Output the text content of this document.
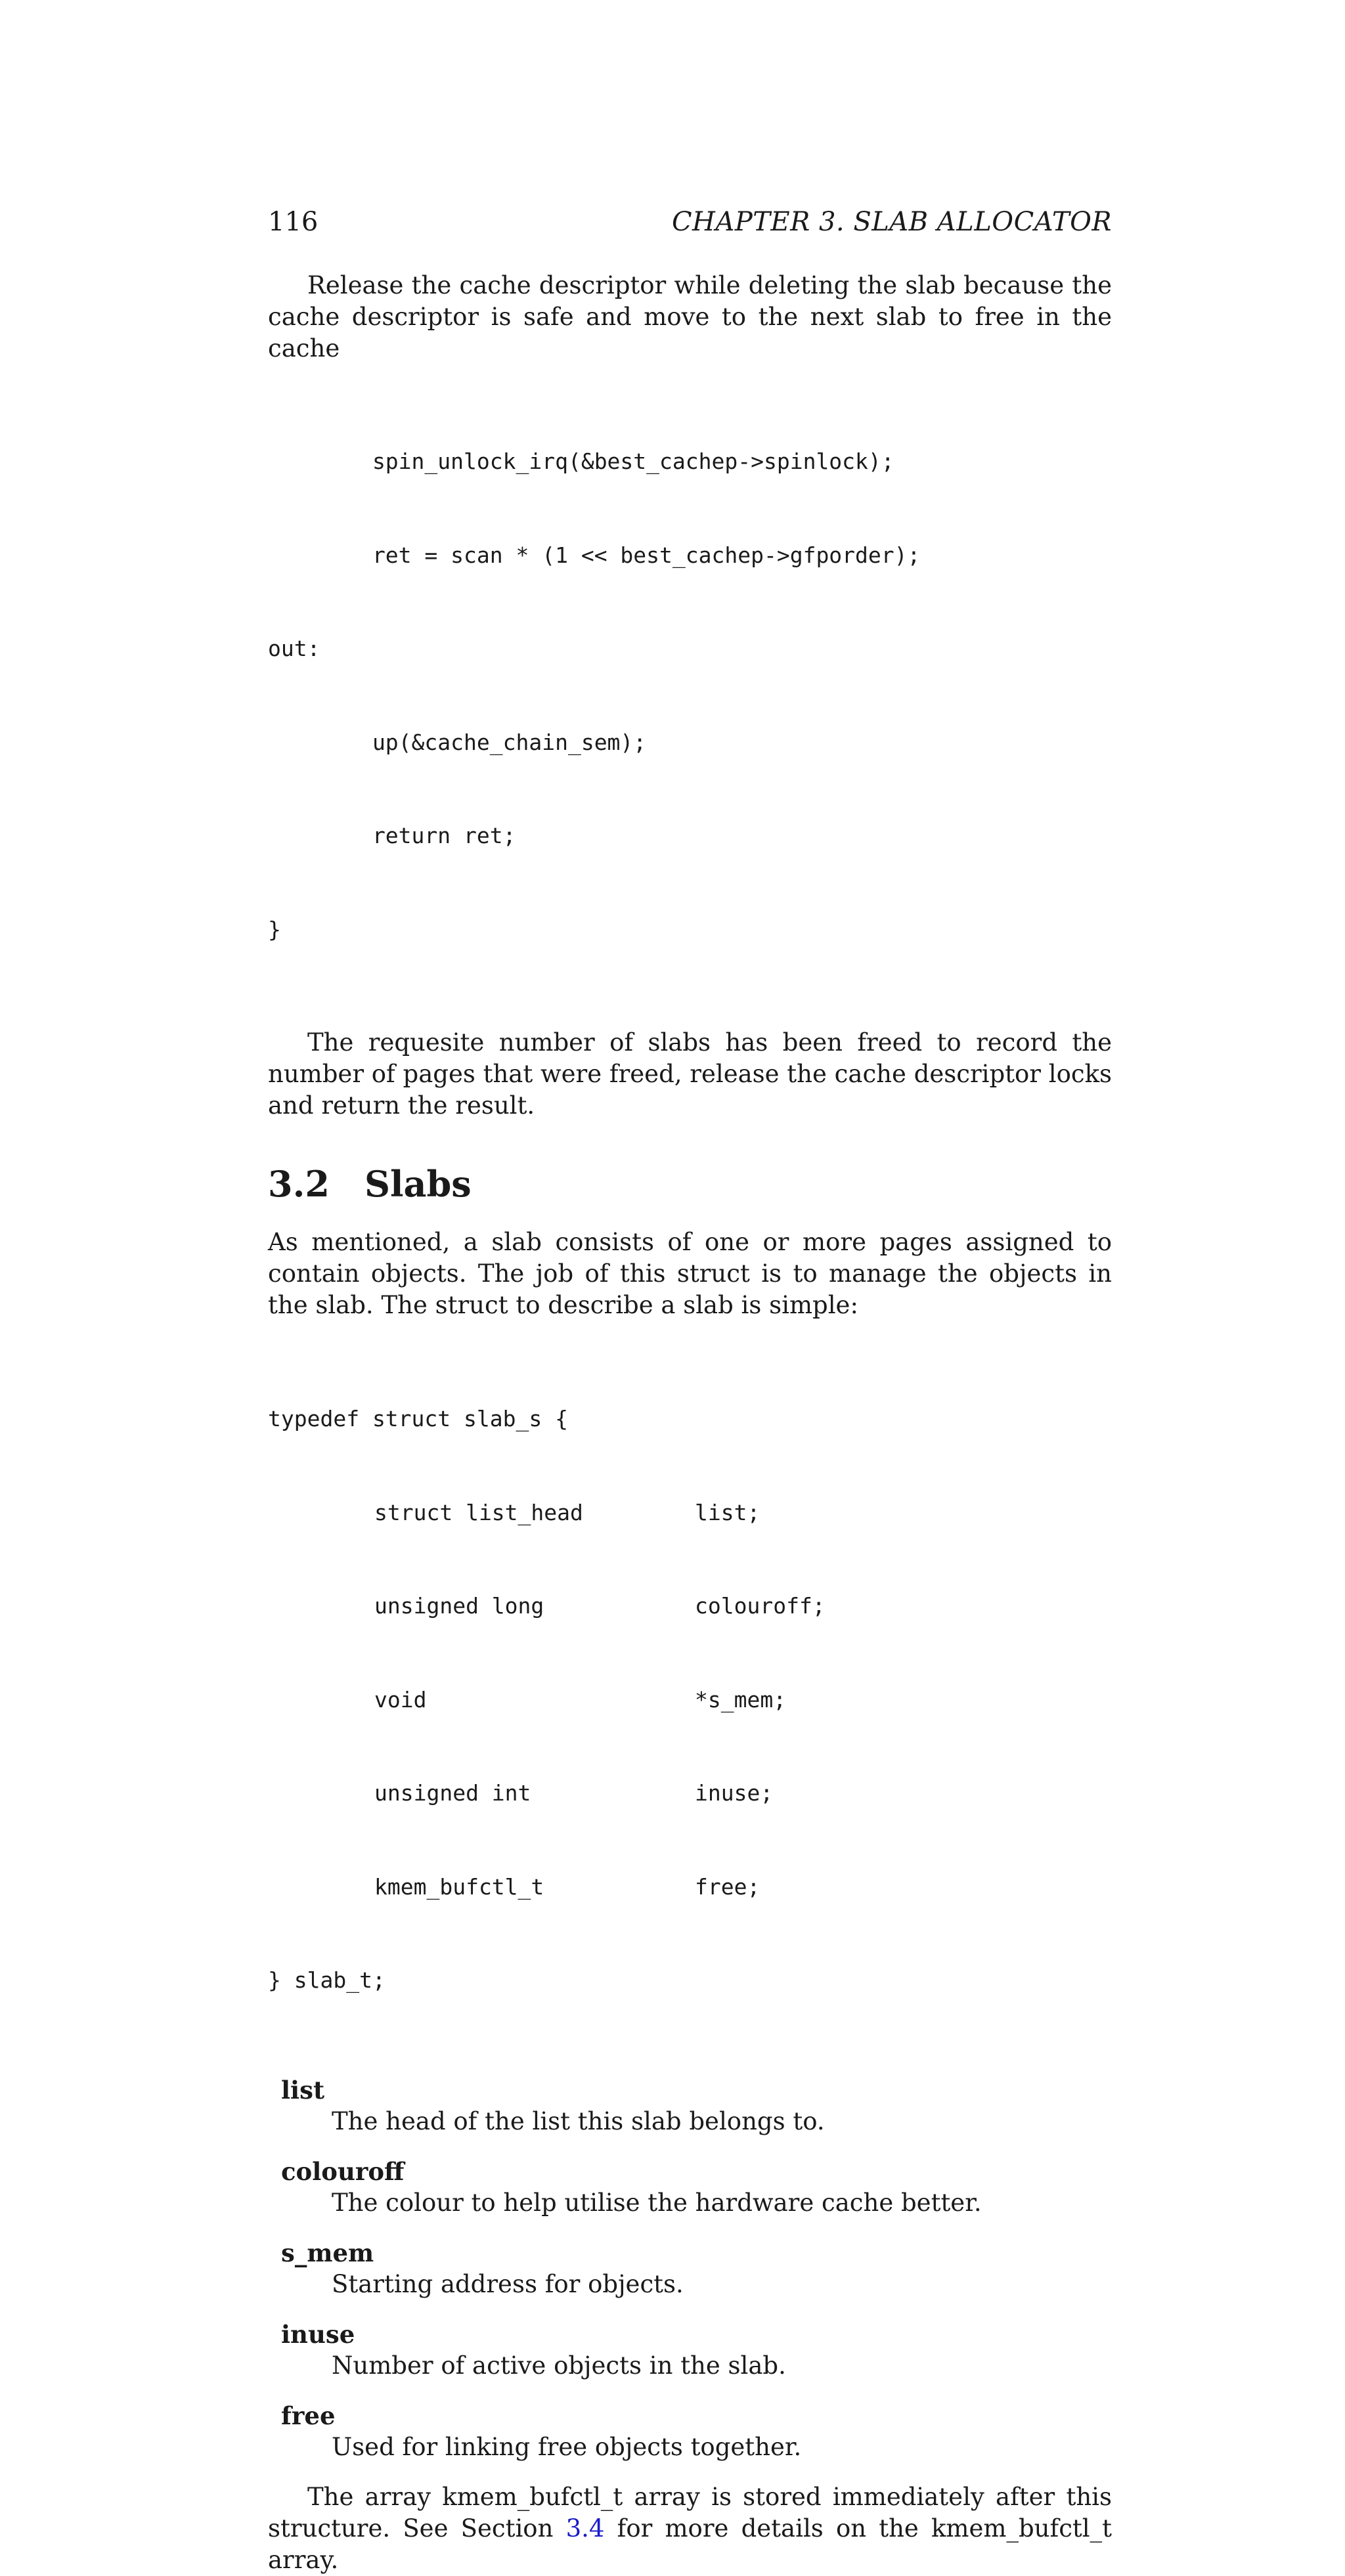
116	CHAPTER 3. SLAB ALLOCATOR

Release the cache descriptor while deleting the slab because the cache descriptor is safe and move to the next slab to free in the cache

spin_unlock_irq(&best_cachep->spinlock);

ret = scan * (1 << best_cachep->gfporder);

out:

up(&cache_chain_sem);

return ret;

}

The requesite number of slabs has been freed to record the number of pages that were freed, release the cache descriptor locks and return the result.

3.2 Slabs

As mentioned, a slab consists of one or more pages assigned to contain objects. The job of this struct is to manage the objects in the slab. The struct to describe a slab is simple:

typedef struct slab_s {

struct list_head	list;

unsigned long	colouroff;

void	*s_mem;

unsigned int	inuse;

kmem_bufctl_t	free;

} slab_t;

list
The head of the list this slab belongs to.
colouroff
The colour to help utilise the hardware cache better.
s_mem
Starting address for objects.
inuse
Number of active objects in the slab.
free
Used for linking free objects together.

The array kmem_bufctl_t array is stored immediately after this structure. See Section 3.4 for more details on the kmem_bufctl_t array.
